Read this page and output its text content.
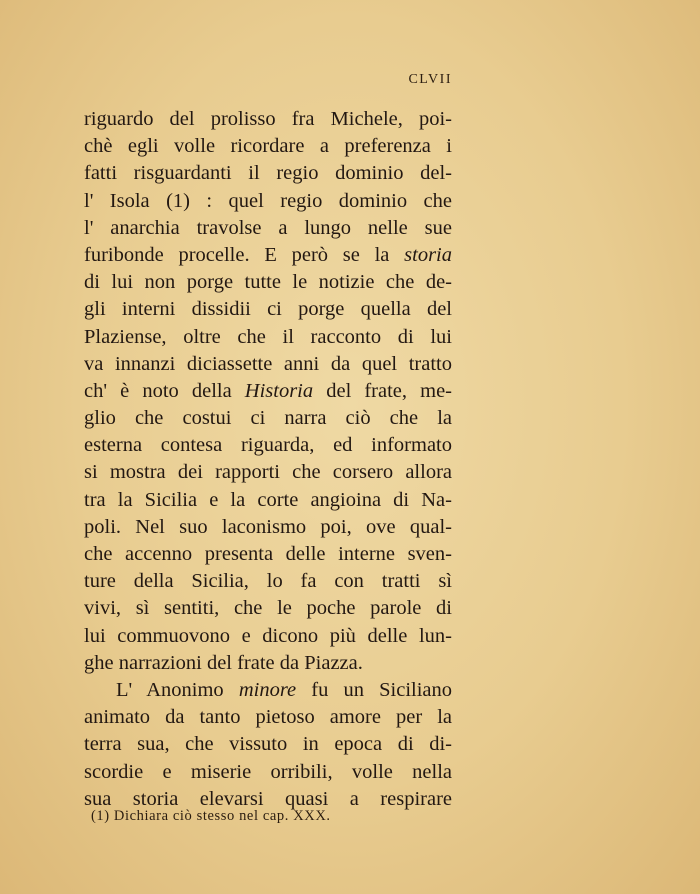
CLVII
riguardo del prolisso fra Michele, poi-
chè egli volle ricordare a preferenza i
fatti risguardanti il regio dominio del-
l' Isola (1) : quel regio dominio che
l' anarchia travolse a lungo nelle sue
furibonde procelle. E però se la storia
di lui non porge tutte le notizie che de-
gli interni dissidii ci porge quella del
Plaziense, oltre che il racconto di lui
va innanzi diciassette anni da quel tratto
ch' è noto della Historia del frate, me-
glio che costui ci narra ciò che la
esterna contesa riguarda, ed informato
si mostra dei rapporti che corsero allora
tra la Sicilia e la corte angioina di Na-
poli. Nel suo laconismo poi, ove qual-
che accenno presenta delle interne sven-
ture della Sicilia, lo fa con tratti sì
vivi, sì sentiti, che le poche parole di
lui commuovono e dicono più delle lun-
ghe narrazioni del frate da Piazza.
L' Anonimo minore fu un Siciliano
animato da tanto pietoso amore per la
terra sua, che vissuto in epoca di di-
scordie e miserie orribili, volle nella
sua storia elevarsi quasi a respirare
(1) Dichiara ciò stesso nel cap. XXX.
